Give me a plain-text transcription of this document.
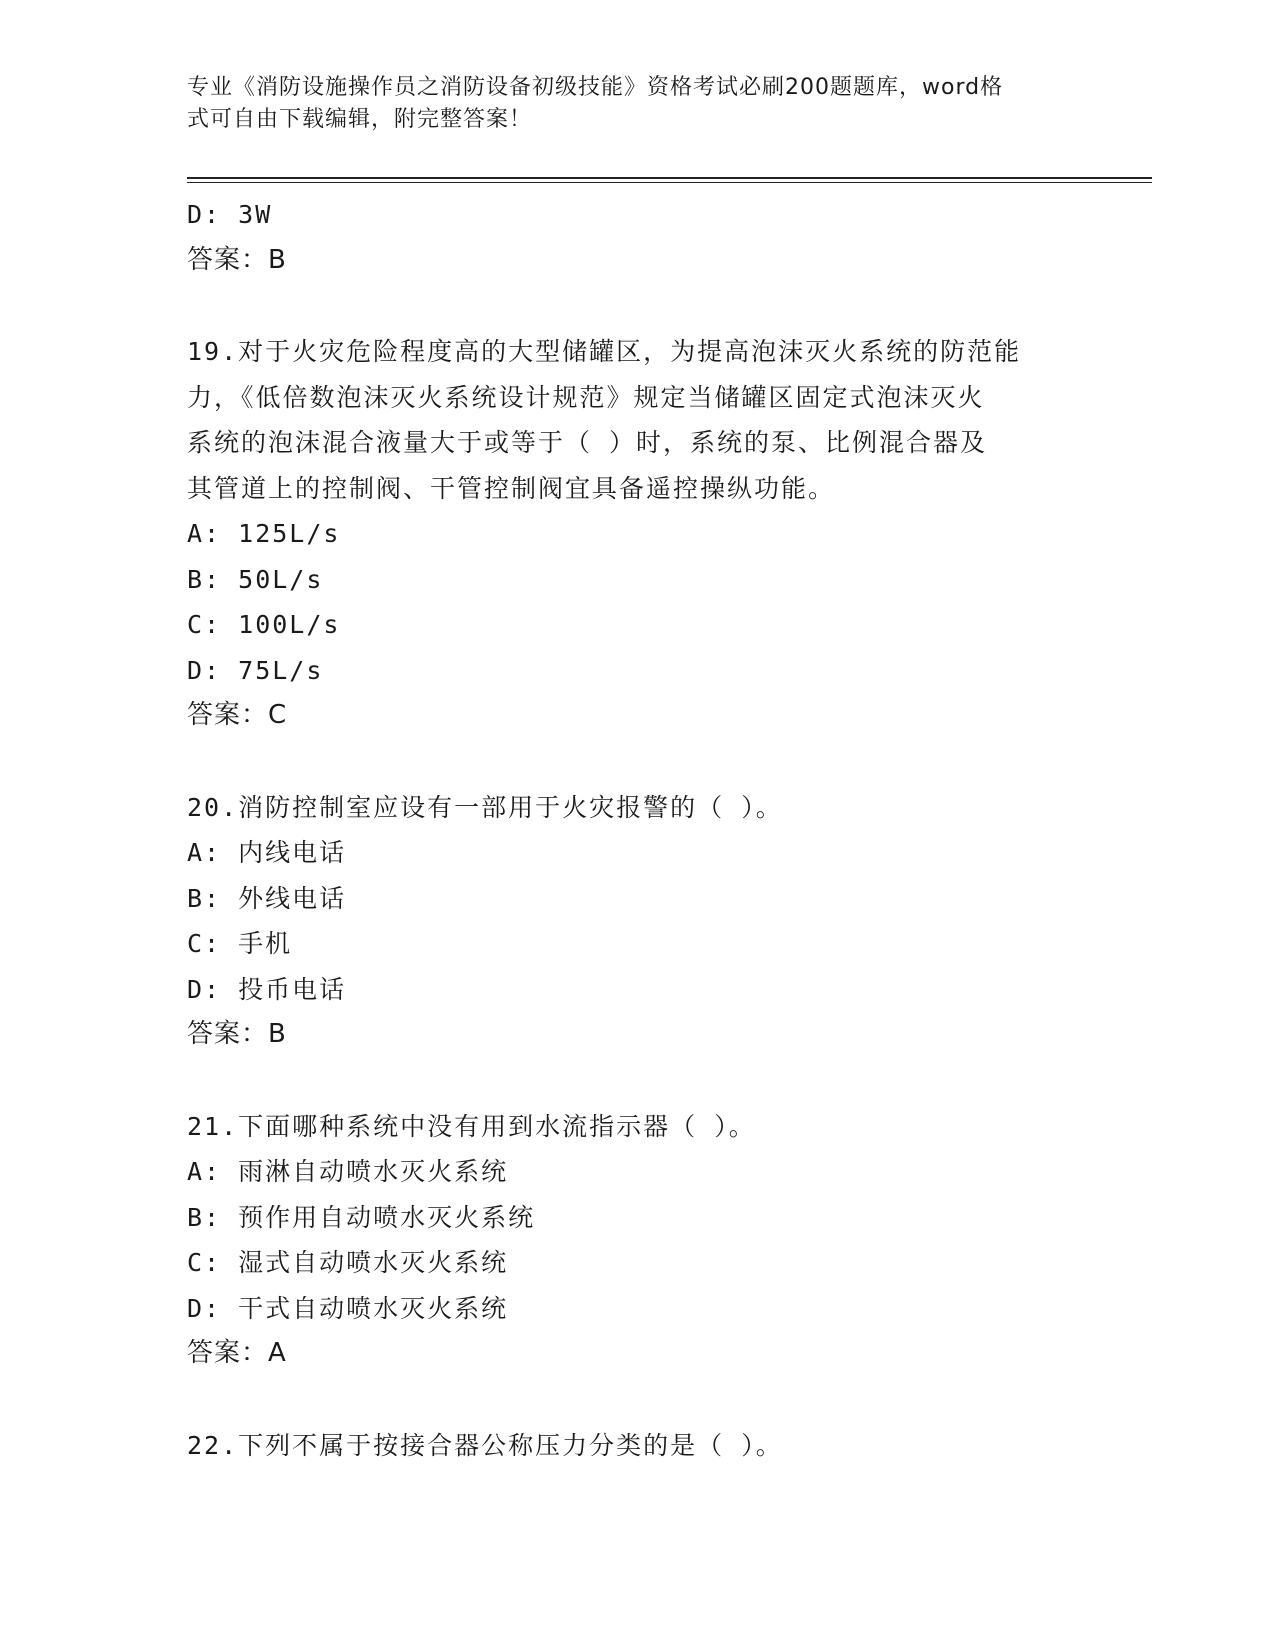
专业《消防设施操作员之消防设备初级技能》资格考试必刷200题题库，word格
式可自由下载编辑，附完整答案！
D: 3W
答案：B
19.对于火灾危险程度高的大型储罐区，为提高泡沫灭火系统的防范能
力，《低倍数泡沫灭火系统设计规范》规定当储罐区固定式泡沫灭火
系统的泡沫混合液量大于或等于（ ）时，系统的泵、比例混合器及
其管道上的控制阀、干管控制阀宜具备遥控操纵功能。
A: 125L/s
B: 50L/s
C: 100L/s
D: 75L/s
答案：C
20.消防控制室应设有一部用于火灾报警的（ ）。
A: 内线电话
B: 外线电话
C: 手机
D: 投币电话
答案：B
21.下面哪种系统中没有用到水流指示器（ ）。
A: 雨淋自动喷水灭火系统
B: 预作用自动喷水灭火系统
C: 湿式自动喷水灭火系统
D: 干式自动喷水灭火系统
答案：A
22.下列不属于按接合器公称压力分类的是（ ）。
